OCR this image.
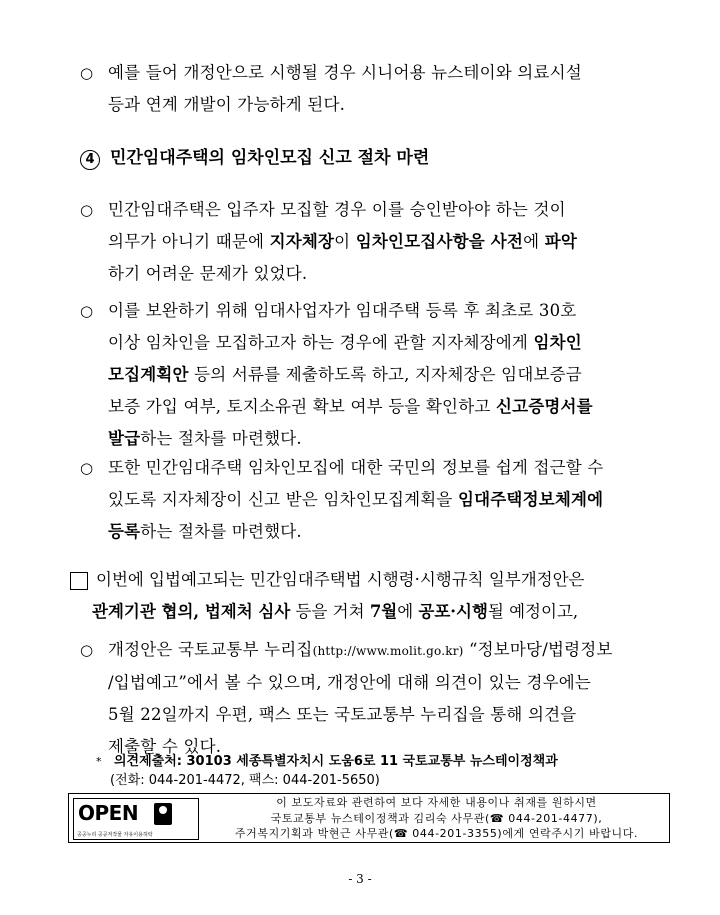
○ 예를 들어 개정안으로 시행될 경우 시니어용 뉴스테이와 의료시설
등과 연계 개발이 가능하게 된다.
4 민간임대주택의 임차인모집 신고 절차 마련
○ 민간임대주택은 입주자 모집할 경우 이를 승인받아야 하는 것이
의무가 아니기 때문에 지자체장이 임차인모집사항을 사전에 파악
하기 어려운 문제가 있었다.
○ 이를 보완하기 위해 임대사업자가 임대주택 등록 후 최초로 30호
이상 임차인을 모집하고자 하는 경우에 관할 지자체장에게 임차인
모집계획안 등의 서류를 제출하도록 하고, 지자체장은 임대보증금
보증 가입 여부, 토지소유권 확보 여부 등을 확인하고 신고증명서를
발급하는 절차를 마련했다.
○ 또한 민간임대주택 임차인모집에 대한 국민의 정보를 쉽게 접근할 수
있도록 지자체장이 신고 받은 임차인모집계획을 임대주택정보체계에
등록하는 절차를 마련했다.
이번에 입법예고되는 민간임대주택법 시행령·시행규칙 일부개정안은
관계기관 협의, 법제처 심사 등을 거쳐 7월에 공포·시행될 예정이고,
○ 개정안은 국토교통부 누리집(http://www.molit.go.kr) “정보마당/법령정보
/입법예고”에서 볼 수 있으며, 개정안에 대해 의견이 있는 경우에는
5월 22일까지 우편, 팩스 또는 국토교통부 누리집을 통해 의견을
제출할 수 있다.
* 의견제출처: 30103 세종특별자치시 도움6로 11 국토교통부 뉴스테이정책과
(전화: 044-201-4472, 팩스: 044-201-5650)
OPEN
공공누리 공공저작물 자유이용허락
이 보도자료와 관련하여 보다 자세한 내용이나 취재를 원하시면
국토교통부 뉴스테이정책과 김리숙 사무관(☎ 044-201-4477),
주거복지기획과 박현근 사무관(☎ 044-201-3355)에게 연락주시기 바랍니다.
- 3 -
